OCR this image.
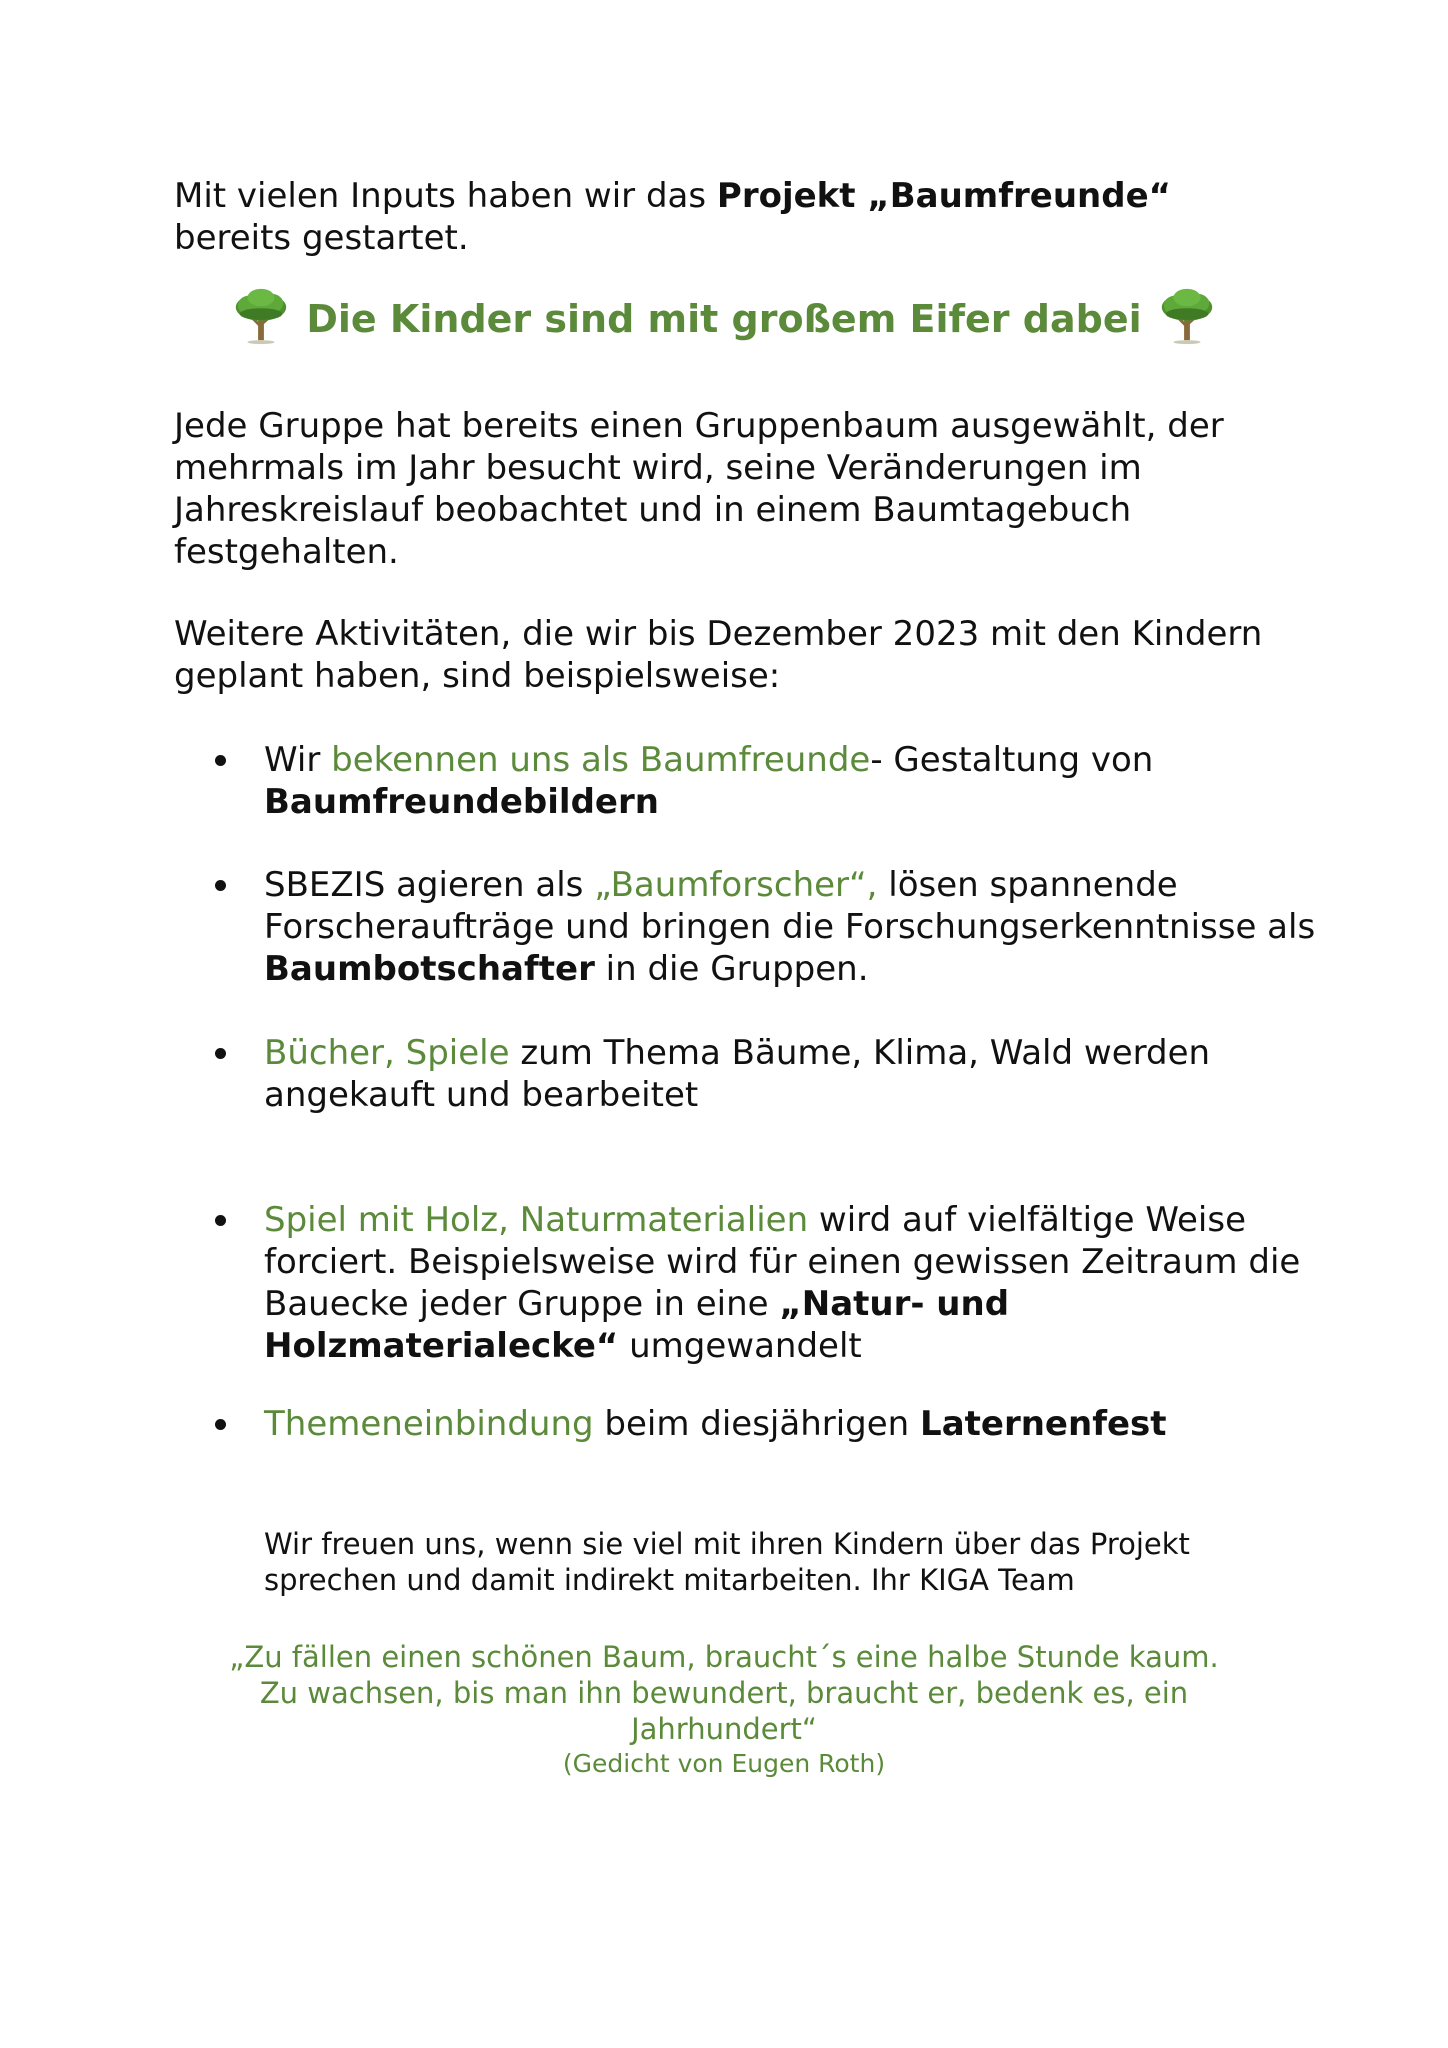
Mit vielen Inputs haben wir das Projekt „Baumfreunde“
bereits gestartet.

Die Kinder sind mit großem Eifer dabei

Jede Gruppe hat bereits einen Gruppenbaum ausgewählt, der mehrmals im Jahr besucht wird, seine Veränderungen im Jahreskreislauf beobachtet und in einem Baumtagebuch festgehalten.

Weitere Aktivitäten, die wir bis Dezember 2023 mit den Kindern geplant haben, sind beispielsweise:

Wir bekennen uns als Baumfreunde- Gestaltung von
Baumfreundebildern
SBEZIS agieren als „Baumforscher“, lösen spannende Forscheraufträge und bringen die Forschungserkenntnisse als Baumbotschafter in die Gruppen.
Bücher, Spiele zum Thema Bäume, Klima, Wald werden angekauft und bearbeitet
Spiel mit Holz, Naturmaterialien wird auf vielfältige Weise forciert. Beispielsweise wird für einen gewissen Zeitraum die Bauecke jeder Gruppe in eine „Natur- und Holzmaterialecke“ umgewandelt
Themeneinbindung beim diesjährigen Laternenfest

Wir freuen uns, wenn sie viel mit ihren Kindern über das Projekt sprechen und damit indirekt mitarbeiten. Ihr KIGA Team

„Zu fällen einen schönen Baum, braucht´s eine halbe Stunde kaum.
Zu wachsen, bis man ihn bewundert, braucht er, bedenk es, ein Jahrhundert“
(Gedicht von Eugen Roth)
